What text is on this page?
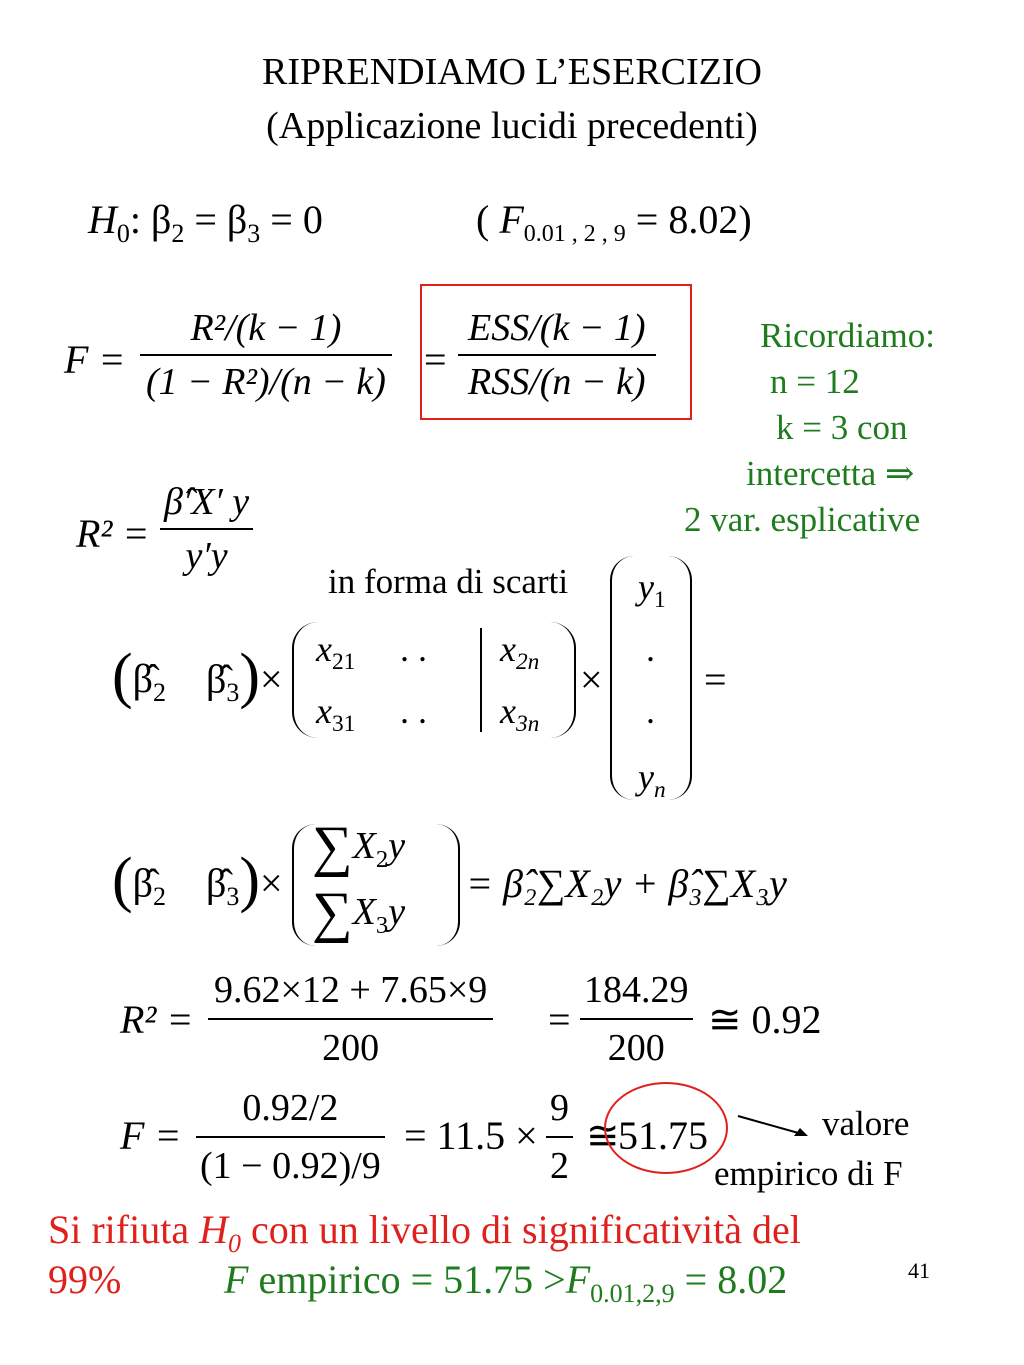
RIPRENDIAMO L’ESERCIZIO
(Applicazione lucidi precedenti)
$H_0$: $\beta_2 = \beta_3 = 0$	( $F_{0.01 , 2 , 9} = 8.02$)
$F = \frac{\text{R²/(k − 1)}}{\text{(1 − R²)/(n − k)}} = \frac{\text{ESS/(k − 1)}}{\text{RSS/(n − k)}}$	Ricordiamo:
n = 12
k = 3 con
intercetta ⇒
2 var. esplicative
$R^2 = \frac{\betâ'X' y}{y'y}$
in forma di scarti
($\betâ_2$ $\betâ_3)\times$
$x_{21}$ . . $x_{2n}$
$x_{31}$ . . $x_{3n}$
×
$y_1$
.
.
$y_n$
=
($\betâ_2$ $\betâ_3)\times$
$\sum X_2y$
$\sum X_3y$
= β̂₂∑X₂y + β̂₃∑X₃y
$R^2 = \frac{9.62\times 12 + 7.65\times 9}{200} = \frac{184.29}{200}$ ≅ 0.92
$F = \frac{0.92/2}{(1 - 0.92)/9} = 11.5 \times \frac{9}{2}$ ≅
51.75	valore
empirico di F
Si rifiuta $H_0$ con un livello di significatività del
99%	F empirico = $51.75 >F_{0.01,2,9} = 8.02$	41
